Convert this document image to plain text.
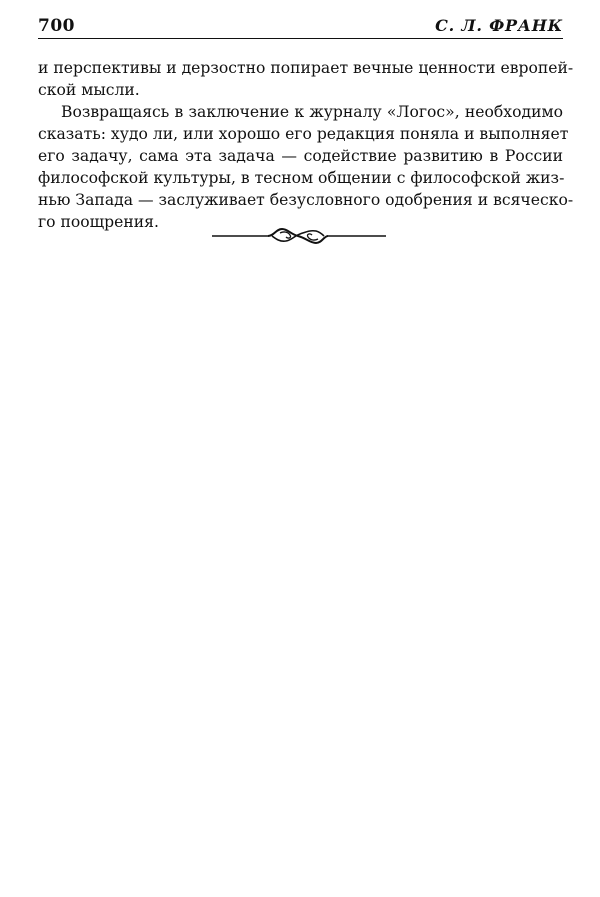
700	С. Л. ФРАНК
и перспективы и дерзостно попирает вечные ценности европей-
ской мысли.
Возвращаясь в заключение к журналу «Логос», необходимо
сказать: худо ли, или хорошо его редакция поняла и выполняет
его задачу, сама эта задача — содействие развитию в России
философской культуры, в тесном общении с философской жиз-
нью Запада — заслуживает безусловного одобрения и всяческо-
го поощрения.
